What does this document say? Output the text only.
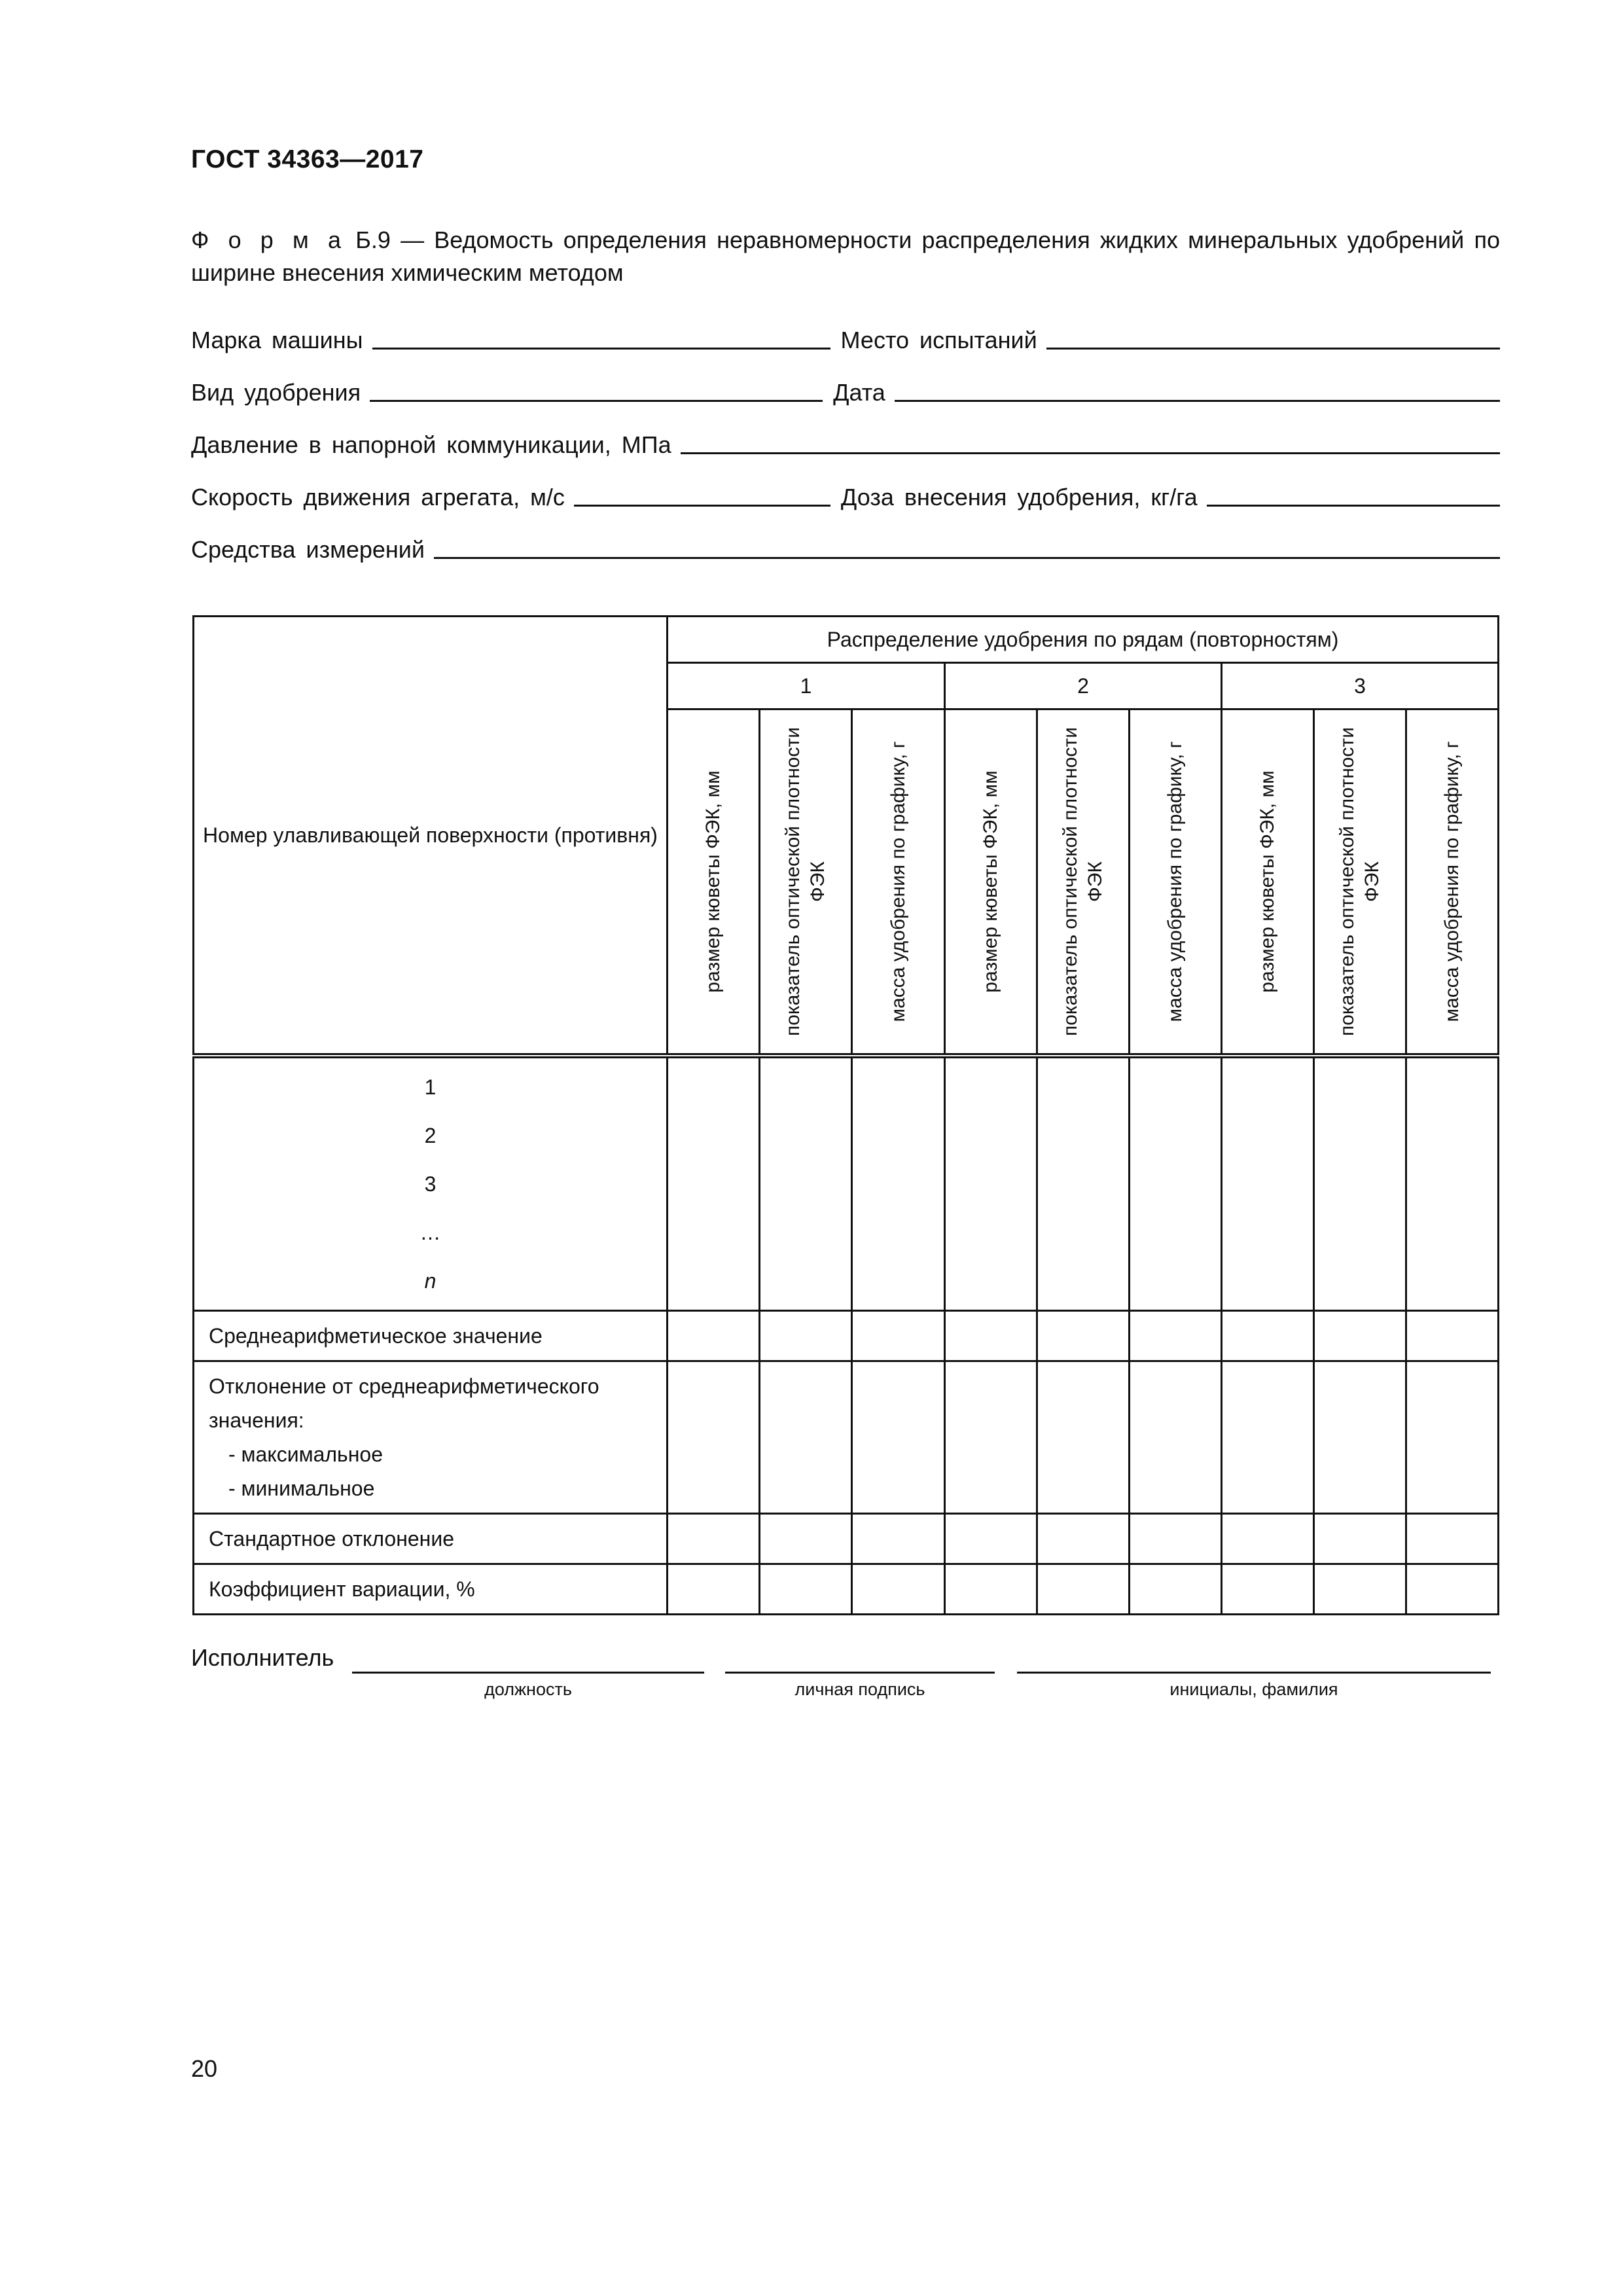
ГОСТ 34363—2017
Ф о р м а Б.9 — Ведомость определения неравномерности распределения жидких минеральных удобрений по ширине внесения химическим методом
Марка машины	Место испытаний
Вид удобрения	Дата
Давление в напорной коммуникации, МПа
Скорость движения агрегата, м/с	Доза внесения удобрения, кг/га
Средства измерений
Номер улавливающей поверхности (противня)	Распределение удобрения по рядам (повторностям)								
	1			2			3		

	размер кюветы ФЭК, мм	показатель оптической плотности ФЭК	масса удобрения по графику, г	размер кюветы ФЭК, мм	показатель оптической плотности ФЭК	масса удобрения по графику, г	размер кюветы ФЭК, мм	показатель оптической плотности ФЭК	масса удобрения по графику, г

1
2
3
…
n									

Среднеарифметическое значение									

Отклонение от среднеарифметического значения:
- максимальное
- минимальное									

Стандартное отклонение									
Коэффициент вариации, %									
Исполнитель
должность	личная подпись	инициалы, фамилия
20
